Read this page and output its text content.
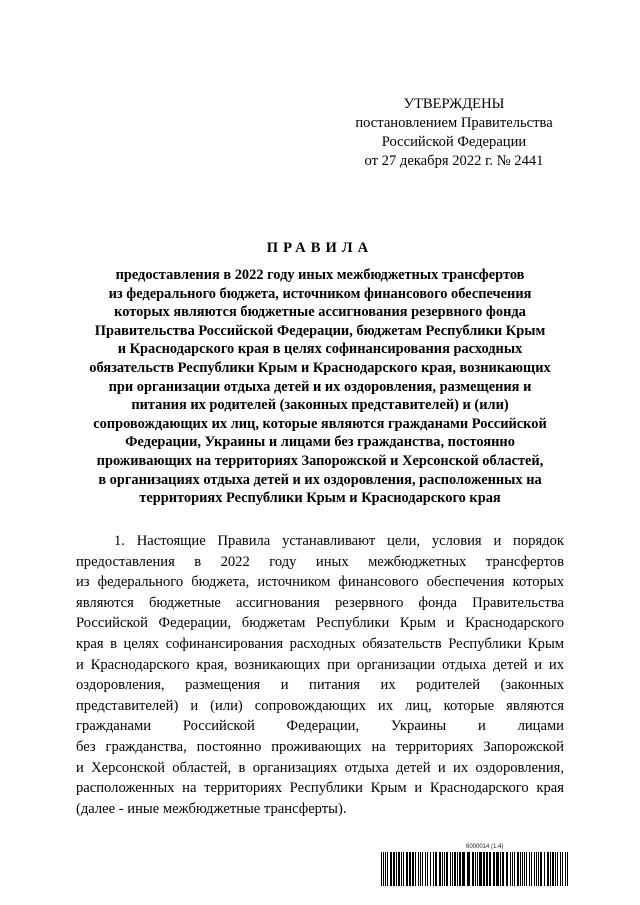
УТВЕРЖДЕНЫ
постановлением Правительства
Российской Федерации
от 27 декабря 2022 г. № 2441
ПРАВИЛА
предоставления в 2022 году иных межбюджетных трансфертов
из федерального бюджета, источником финансового обеспечения
которых являются бюджетные ассигнования резервного фонда
Правительства Российской Федерации, бюджетам Республики Крым
и Краснодарского края в целях софинансирования расходных
обязательств Республики Крым и Краснодарского края, возникающих
при организации отдыха детей и их оздоровления, размещения и
питания их родителей (законных представителей) и (или)
сопровождающих их лиц, которые являются гражданами Российской
Федерации, Украины и лицами без гражданства, постоянно
проживающих на территориях Запорожской и Херсонской областей,
в организациях отдыха детей и их оздоровления, расположенных на
территориях Республики Крым и Краснодарского края
1. Настоящие Правила устанавливают цели, условия и порядок
предоставления в 2022 году иных межбюджетных трансфертов
из федерального бюджета, источником финансового обеспечения которых
являются бюджетные ассигнования резервного фонда Правительства
Российской Федерации, бюджетам Республики Крым и Краснодарского
края в целях софинансирования расходных обязательств Республики Крым
и Краснодарского края, возникающих при организации отдыха детей и их
оздоровления, размещения и питания их родителей (законных
представителей) и (или) сопровождающих их лиц, которые являются
гражданами Российской Федерации, Украины и лицами
без гражданства, постоянно проживающих на территориях Запорожской
и Херсонской областей, в организациях отдыха детей и их оздоровления,
расположенных на территориях Республики Крым и Краснодарского края
(далее - иные межбюджетные трансферты).
6000014 (1.4)
